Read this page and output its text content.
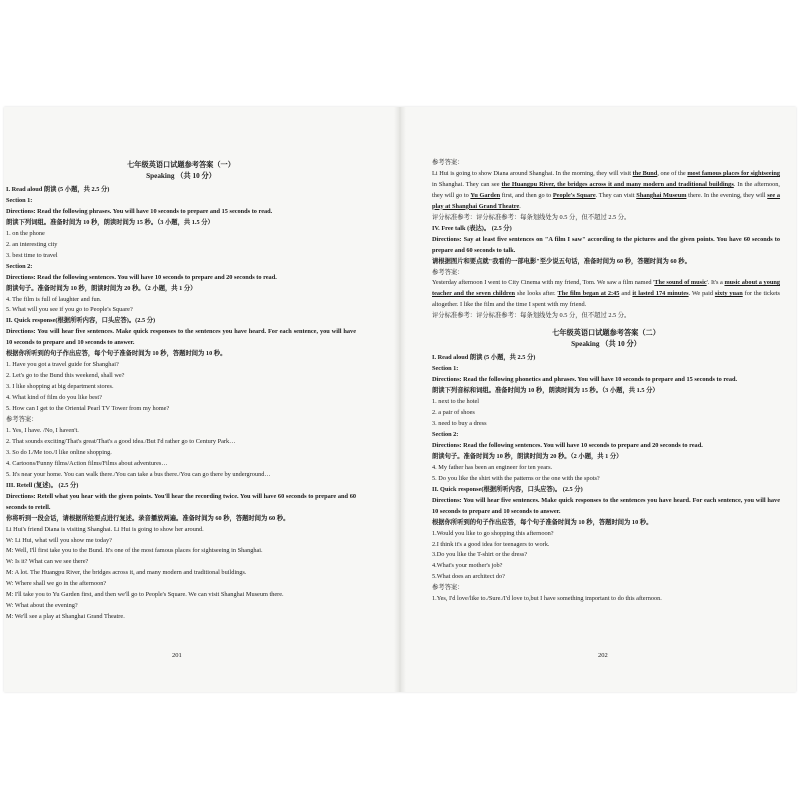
七年级英语口试题参考答案（一）
Speaking （共 10 分）
I. Read aloud 朗读 (5 小题，共 2.5 分)
Section 1:
Directions: Read the following phrases. You will have 10 seconds to prepare and 15 seconds to read.
朗读下列词组。准备时间为 10 秒，朗读时间为 15 秒。（3 小题，共 1.5 分）
1. on the phone
2. an interesting city
3. best time to travel
Section 2:
Directions: Read the following sentences. You will have 10 seconds to prepare and 20 seconds to read.
朗读句子。准备时间为 10 秒，朗读时间为 20 秒。（2 小题，共 1 分）
4. The film is full of laughter and fun.
5. What will you see if you go to People's Square?
II. Quick response(根据所听内容，口头应答)。(2.5 分)
Directions: You will hear five sentences. Make quick responses to the sentences you have heard. For each sentence, you will have 10 seconds to prepare and 10 seconds to answer.
根据你所听到的句子作出应答，每个句子准备时间为 10 秒，答题时间为 10 秒。
1. Have you got a travel guide for Shanghai?
2. Let's go to the Bund this weekend, shall we?
3. I like shopping at big department stores.
4. What kind of film do you like best?
5. How can I get to the Oriental Pearl TV Tower from my home?
参考答案：
1. Yes, I have. /No, I haven't.
2. That sounds exciting/That's great/That's a good idea./But I'd rather go to Century Park…
3. So do I./Me too./I like online shopping.
4. Cartoons/Funny films/Action films/Films about adventures…
5. It's near your home. You can walk there./You can take a bus there./You can go there by underground…
III. Retell (复述)。 (2.5 分)
Directions: Retell what you hear with the given points. You'll hear the recording twice. You will have 60 seconds to prepare and 60 seconds to retell.
你将听到一段会话，请根据所给要点进行复述。录音播放两遍。准备时间为 60 秒，答题时间为 60 秒。
Li Hui's friend Diana is visiting Shanghai. Li Hui is going to show her around.
W: Li Hui, what will you show me today?
M: Well, I'll first take you to the Bund. It's one of the most famous places for sightseeing in Shanghai.
W: Is it? What can we see there?
M: A lot. The Huangpu River, the bridges across it, and many modern and traditional buildings.
W: Where shall we go in the afternoon?
M: I'll take you to Yu Garden first, and then we'll go to People's Square. We can visit Shanghai Museum there.
W: What about the evening?
M: We'll see a play at Shanghai Grand Theatre.
201
参考答案：
Li Hui is going to show Diana around Shanghai. In the morning, they will visit the Bund, one of the most famous places for sightseeing in Shanghai. They can see the Huangpu River, the bridges across it and many modern and traditional buildings. In the afternoon, they will go to Yu Garden first, and then go to People's Square. They can visit Shanghai Museum there. In the evening, they will see a play at Shanghai Grand Theatre.
评分标准参考：评分标准参考：每条划线处为 0.5 分，但不超过 2.5 分。
IV. Free talk (表达)。 (2.5 分)
Directions: Say at least five sentences on "A film I saw" according to the pictures and the given points. You have 60 seconds to prepare and 60 seconds to talk.
请根据图片和要点就"我看的一部电影"至少说五句话，准备时间为 60 秒，答题时间为 60 秒。
参考答案：
Yesterday afternoon I went to City Cinema with my friend, Tom. We saw a film named 'The sound of music'. It's a music about a young teacher and the seven children she looks after. The film began at 2:45 and it lasted 174 minutes. We paid sixty yuan for the tickets altogether. I like the film and the time I spent with my friend.
评分标准参考：评分标准参考：每条划线处为 0.5 分，但不超过 2.5 分。
七年级英语口试题参考答案（二）
Speaking （共 10 分）
I. Read aloud 朗读 (5 小题，共 2.5 分)
Section 1:
Directions: Read the following phonetics and phrases. You will have 10 seconds to prepare and 15 seconds to read.
朗读下列音标和词组。准备时间为 10 秒，朗读时间为 15 秒。（3 小题，共 1.5 分）
1. next to the hotel
2. a pair of shoes
3. need to buy a dress
Section 2:
Directions: Read the following sentences. You will have 10 seconds to prepare and 20 seconds to read.
朗读句子。准备时间为 10 秒，朗读时间为 20 秒。（2 小题，共 1 分）
4. My father has been an engineer for ten years.
5. Do you like the shirt with the patterns or the one with the spots?
II. Quick response(根据所听内容，口头应答)。 (2.5 分)
Directions: You will hear five sentences. Make quick responses to the sentences you have heard. For each sentence, you will have 10 seconds to prepare and 10 seconds to answer.
根据你所听到的句子作出应答，每个句子准备时间为 10 秒，答题时间为 10 秒。
1.Would you like to go shopping this afternoon?
2.I think it's a good idea for teenagers to work.
3.Do you like the T-shirt or the dress?
4.What's your mother's job?
5.What does an architect do?
参考答案：
1.Yes, I'd love/like to./Sure./I'd love to,but I have something important to do this afternoon.
202
